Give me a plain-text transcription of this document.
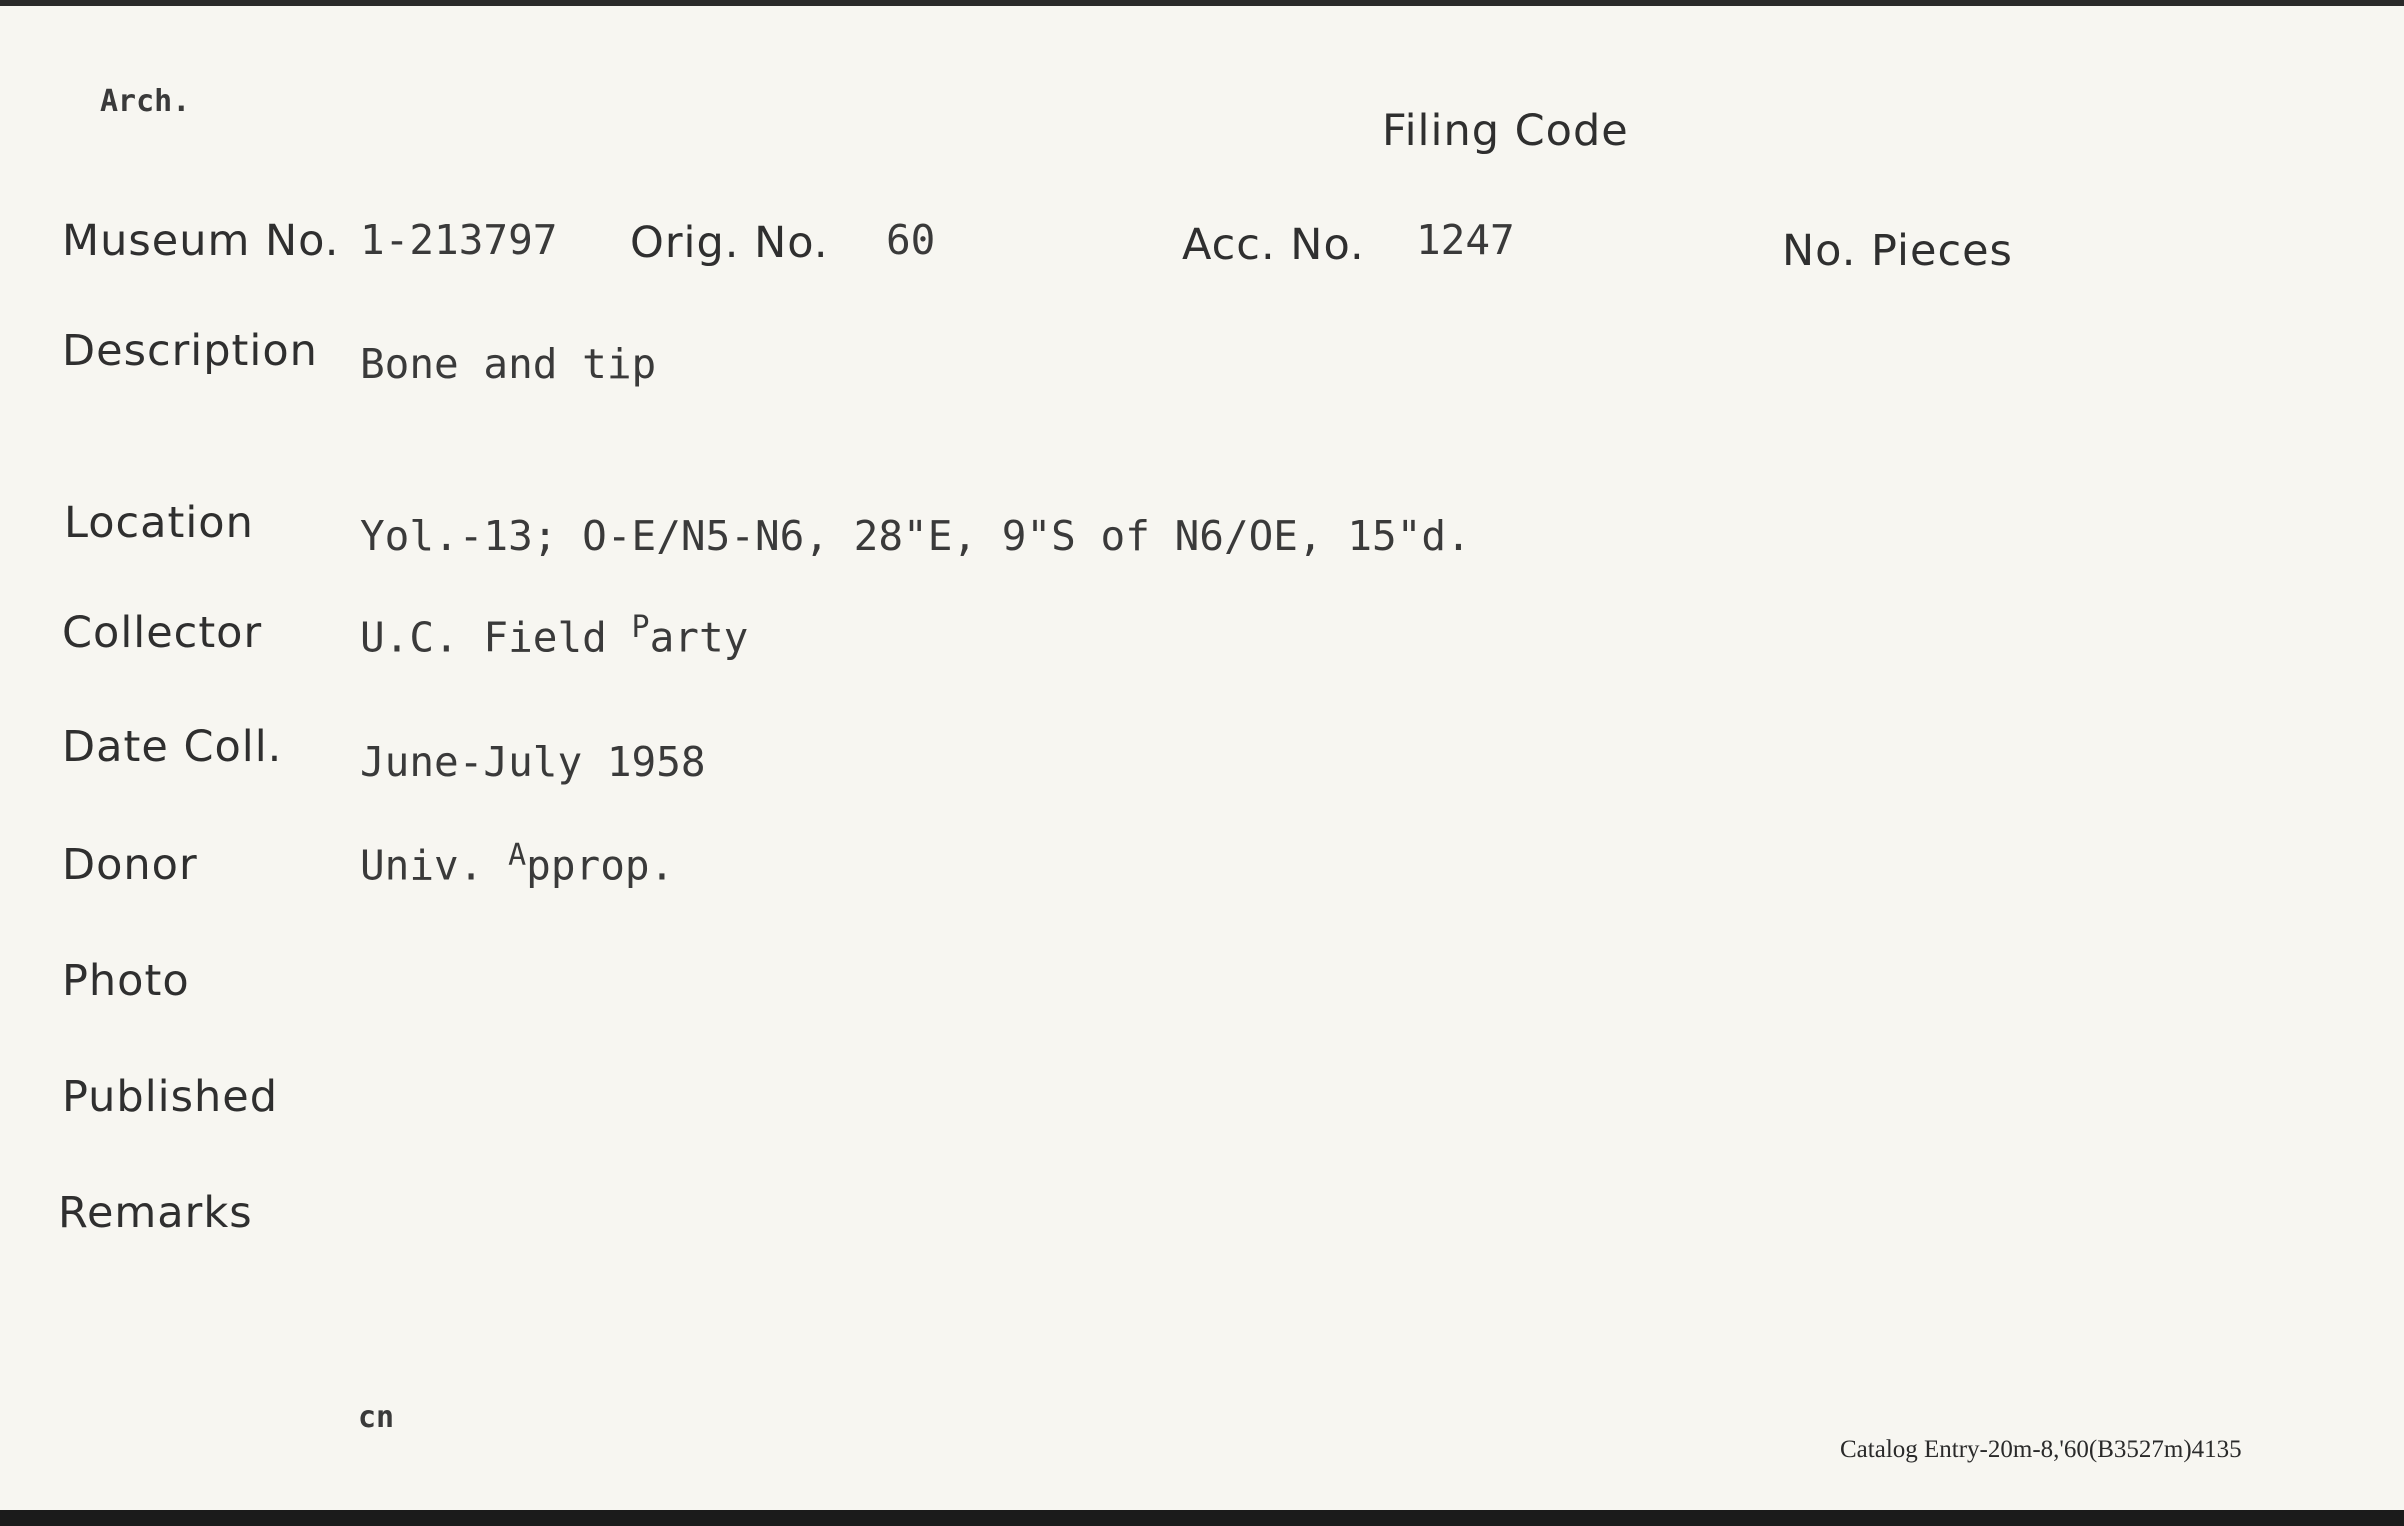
Arch.
Filing Code
Museum No. 1-213797 Orig. No. 60	Acc. No. 1247	No. Pieces
Description Bone and tip
Location	Yol.-13; O-E/N5-N6, 28"E, 9"S of N6/OE, 15"d.
Collector U.C. Field $^P$arty
Date Coll. June-July 1958
Donor	Univ. $^A$pprop.
Photo
Published
Remarks
cn
Catalog Entry-20m-8,'60(B3527m)4135
